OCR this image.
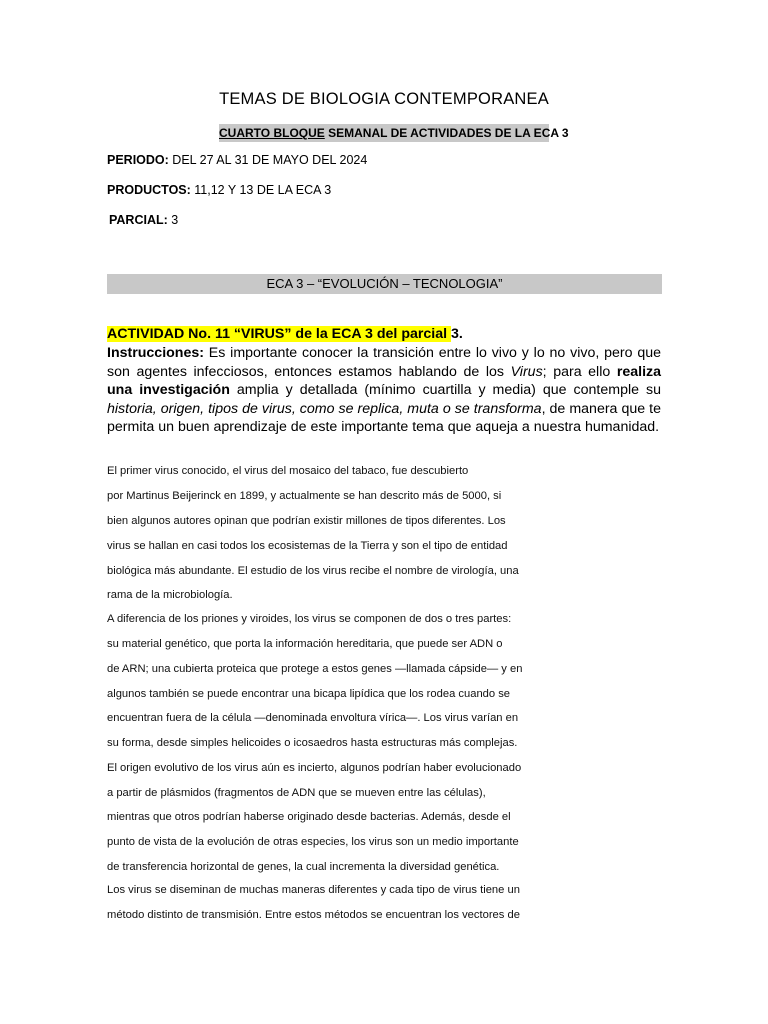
TEMAS DE BIOLOGIA CONTEMPORANEA
CUARTO BLOQUE SEMANAL DE ACTIVIDADES DE LA ECA 3
PERIODO: DEL 27 AL 31 DE MAYO DEL 2024
PRODUCTOS: 11,12 Y 13 DE LA ECA 3
PARCIAL: 3
ECA 3 – “EVOLUCIÓN – TECNOLOGIA”
ACTIVIDAD No. 11 “VIRUS” de la ECA 3 del parcial 3.
Instrucciones: Es importante conocer la transición entre lo vivo y lo no vivo, pero que son agentes infecciosos, entonces estamos hablando de los Virus; para ello realiza una investigación amplia y detallada (mínimo cuartilla y media) que contemple su historia, origen, tipos de virus, como se replica, muta o se transforma, de manera que te permita un buen aprendizaje de este importante tema que aqueja a nuestra humanidad.
El primer virus conocido, el virus del mosaico del tabaco, fue descubierto
por Martinus Beijerinck en 1899, y actualmente se han descrito más de 5000, si
bien algunos autores opinan que podrían existir millones de tipos diferentes. Los
virus se hallan en casi todos los ecosistemas de la Tierra y son el tipo de entidad
biológica más abundante. El estudio de los virus recibe el nombre de virología, una
rama de la microbiología.
A diferencia de los priones y viroides, los virus se componen de dos o tres partes:
su material genético, que porta la información hereditaria, que puede ser ADN o
de ARN; una cubierta proteica que protege a estos genes —llamada cápside— y en
algunos también se puede encontrar una bicapa lipídica que los rodea cuando se
encuentran fuera de la célula —denominada envoltura vírica—. Los virus varían en
su forma, desde simples helicoides o icosaedros hasta estructuras más complejas.
El origen evolutivo de los virus aún es incierto, algunos podrían haber evolucionado
a partir de plásmidos (fragmentos de ADN que se mueven entre las células),
mientras que otros podrían haberse originado desde bacterias. Además, desde el
punto de vista de la evolución de otras especies, los virus son un medio importante
de transferencia horizontal de genes, la cual incrementa la diversidad genética.
Los virus se diseminan de muchas maneras diferentes y cada tipo de virus tiene un
método distinto de transmisión. Entre estos métodos se encuentran los vectores de
